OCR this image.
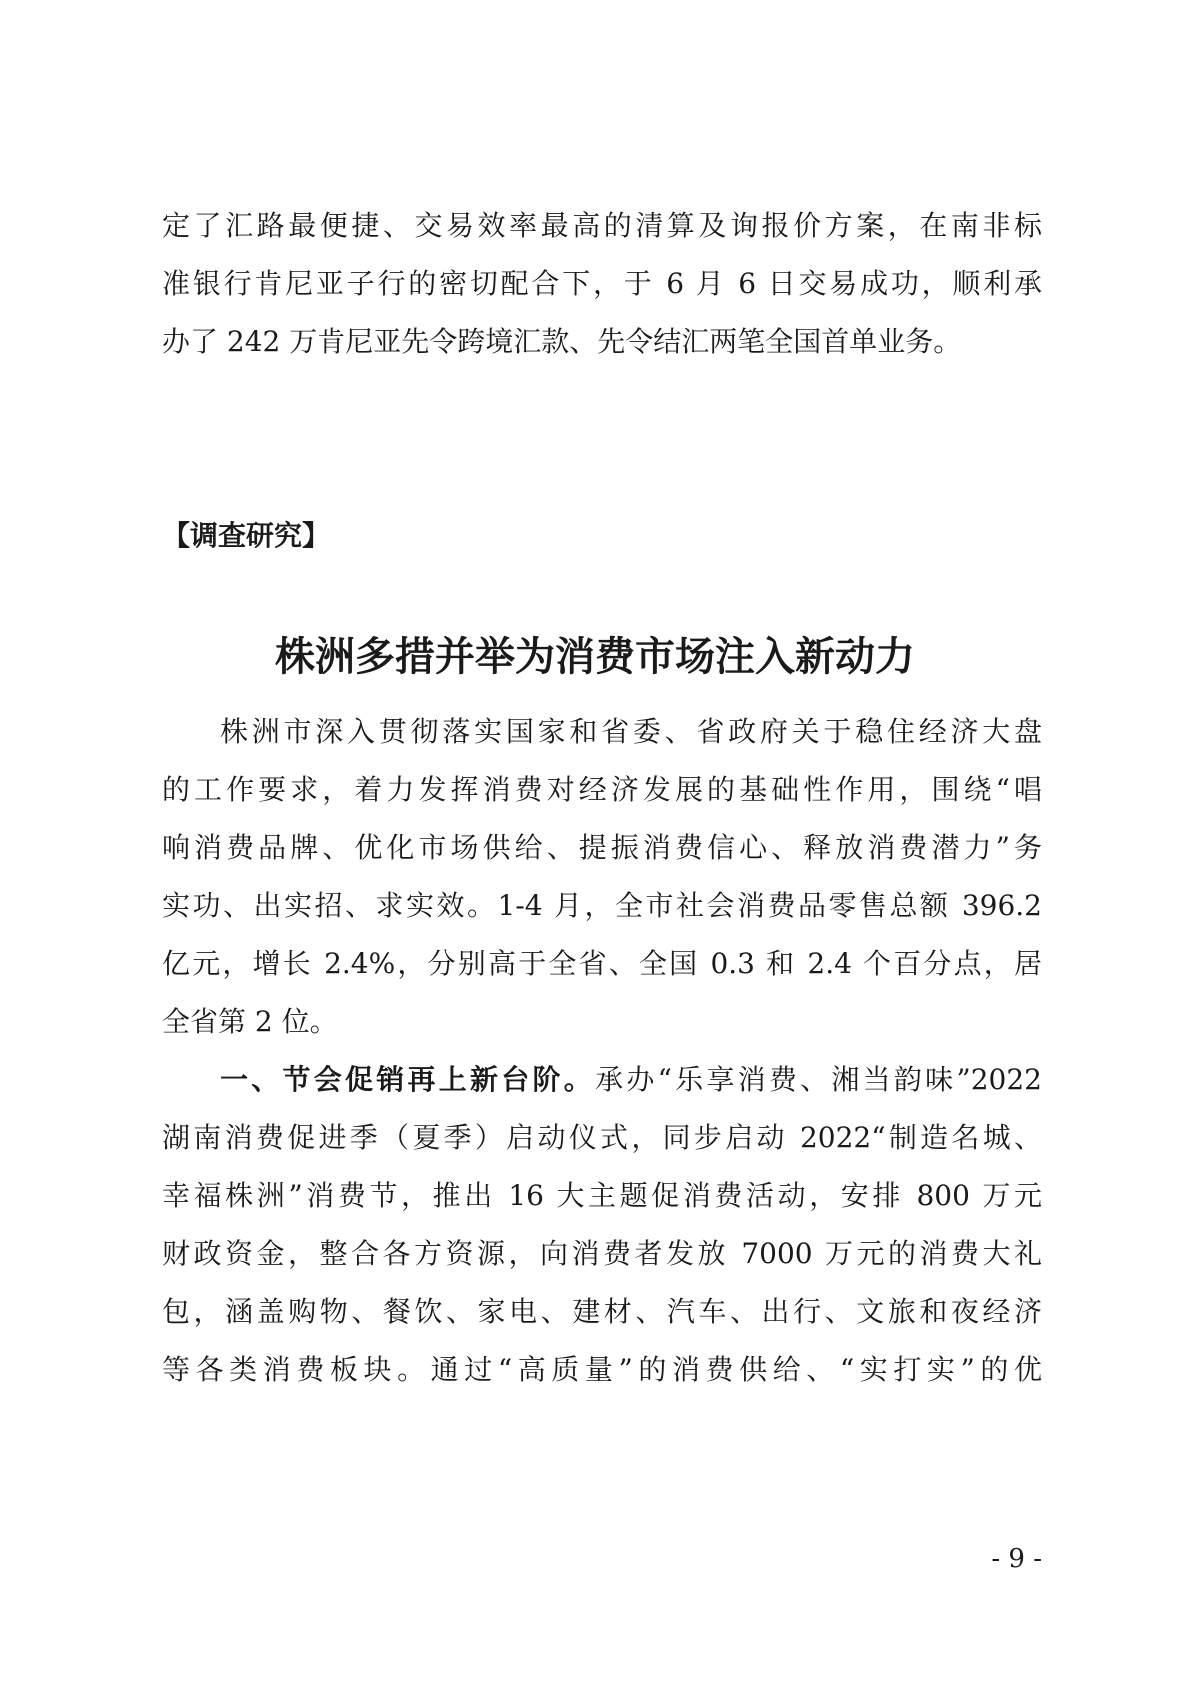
定了汇路最便捷、交易效率最高的清算及询报价方案，在南非标
准银行肯尼亚子行的密切配合下，于 6 月 6 日交易成功，顺利承
办了 242 万肯尼亚先令跨境汇款、先令结汇两笔全国首单业务。
【调查研究】
株洲多措并举为消费市场注入新动力
株洲市深入贯彻落实国家和省委、省政府关于稳住经济大盘
的工作要求，着力发挥消费对经济发展的基础性作用，围绕“唱
响消费品牌、优化市场供给、提振消费信心、释放消费潜力”务
实功、出实招、求实效。1-4 月，全市社会消费品零售总额 396.2
亿元，增长 2.4%，分别高于全省、全国 0.3 和 2.4 个百分点，居
全省第 2 位。
一、节会促销再上新台阶。承办“乐享消费、湘当韵味”2022
湖南消费促进季（夏季）启动仪式，同步启动 2022“制造名城、
幸福株洲”消费节，推出 16 大主题促消费活动，安排 800 万元
财政资金，整合各方资源，向消费者发放 7000 万元的消费大礼
包，涵盖购物、餐饮、家电、建材、汽车、出行、文旅和夜经济
等各类消费板块。通过“高质量”的消费供给、“实打实”的优
- 9 -
